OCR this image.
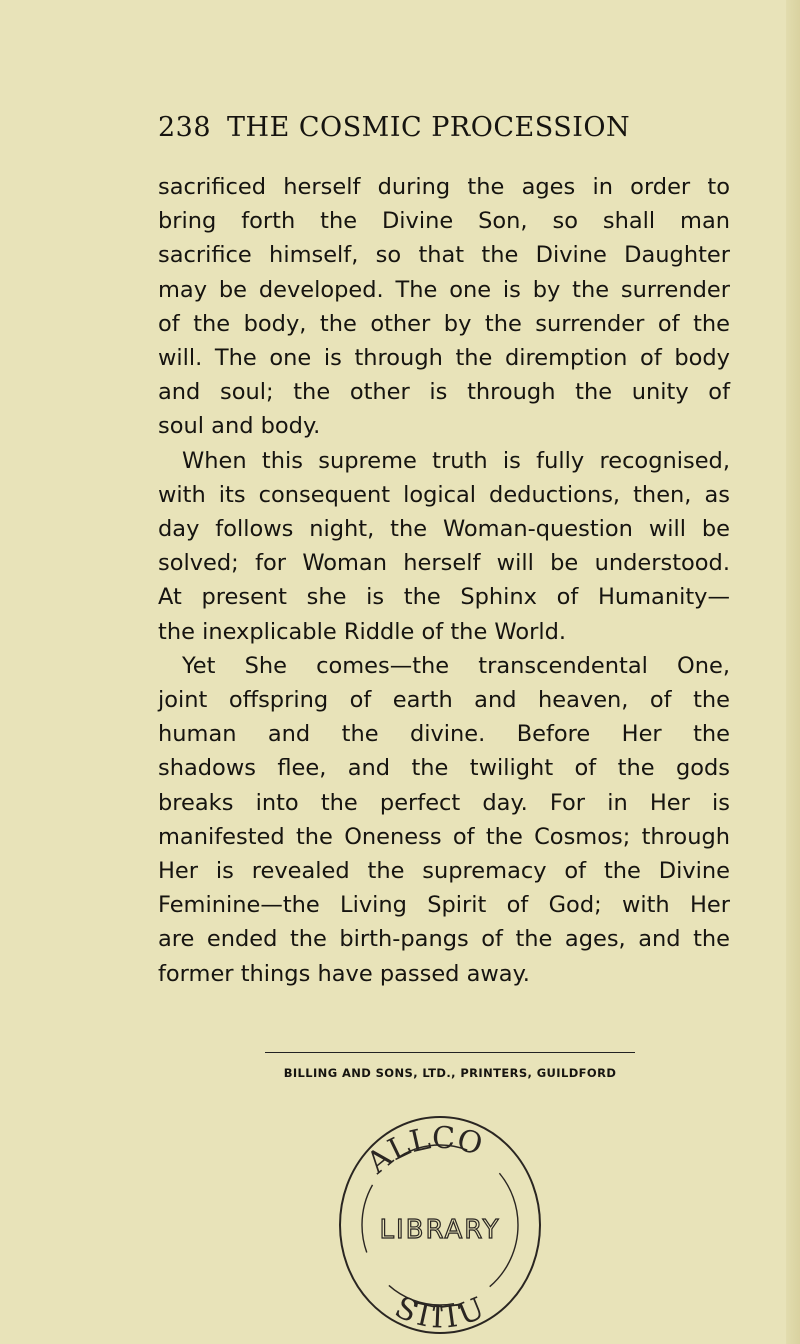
238 THE COSMIC PROCESSION
sacrificed herself during the ages in order to
bring forth the Divine Son, so shall man
sacrifice himself, so that the Divine Daughter
may be developed. The one is by the surrender
of the body, the other by the surrender of the
will. The one is through the diremption of body
and soul; the other is through the unity of
soul and body.
When this supreme truth is fully recognised,
with its consequent logical deductions, then, as
day follows night, the Woman-question will be
solved; for Woman herself will be understood.
At present she is the Sphinx of Humanity—
the inexplicable Riddle of the World.
Yet She comes—the transcendental One,
joint offspring of earth and heaven, of the
human and the divine. Before Her the
shadows flee, and the twilight of the gods
breaks into the perfect day. For in Her is
manifested the Oneness of the Cosmos; through
Her is revealed the supremacy of the Divine
Feminine—the Living Spirit of God; with Her
are ended the birth-pangs of the ages, and the
former things have passed away.
BILLING AND SONS, LTD., PRINTERS, GUILDFORD
ALLCO
LIBRARY
STITU
